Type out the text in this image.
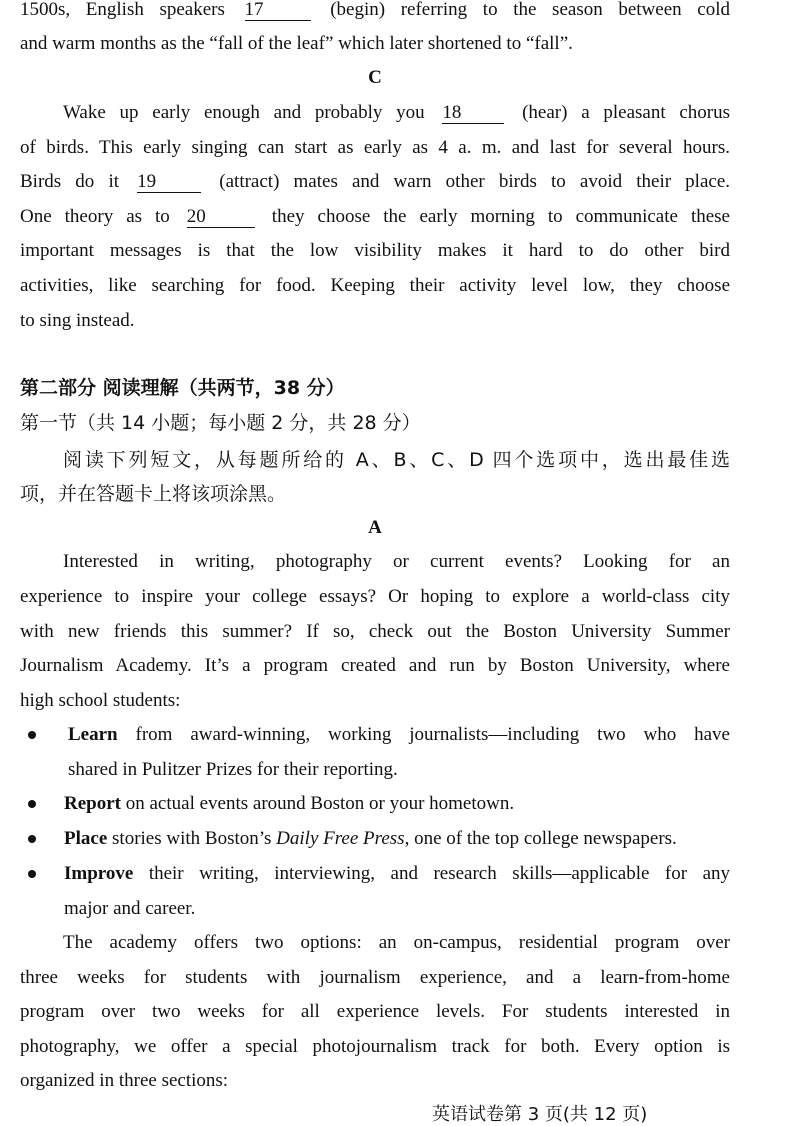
1500s, English speakers 17	(begin) referring to the season between cold
and warm months as the “fall of the leaf” which later shortened to “fall”.
C
Wake up early enough and probably you 18	(hear) a pleasant chorus
of birds. This early singing can start as early as 4 a. m. and last for several hours.
Birds do it 19	(attract) mates and warn other birds to avoid their place.
One theory as to 20	they choose the early morning to communicate these
important messages is that the low visibility makes it hard to do other bird
activities, like searching for food. Keeping their activity level low, they choose
to sing instead.
第二部分 阅读理解（共两节，38 分）
第一节（共 14 小题；每小题 2 分，共 28 分）
阅读下列短文，从每题所给的 A、B、C、D 四个选项中，选出最佳选
项，并在答题卡上将该项涂黑。
A
Interested in writing, photography or current events? Looking for an
experience to inspire your college essays? Or hoping to explore a world-class city
with new friends this summer? If so, check out the Boston University Summer
Journalism Academy. It’s a program created and run by Boston University, where
high school students:
Learn from award-winning, working journalists—including two who have
shared in Pulitzer Prizes for their reporting.
Report on actual events around Boston or your hometown.
Place stories with Boston’s Daily Free Press, one of the top college newspapers.
Improve their writing, interviewing, and research skills—applicable for any
major and career.
The academy offers two options: an on-campus, residential program over
three weeks for students with journalism experience, and a learn-from-home
program over two weeks for all experience levels. For students interested in
photography, we offer a special photojournalism track for both. Every option is
organized in three sections:
英语试卷第 3 页(共 12 页)
